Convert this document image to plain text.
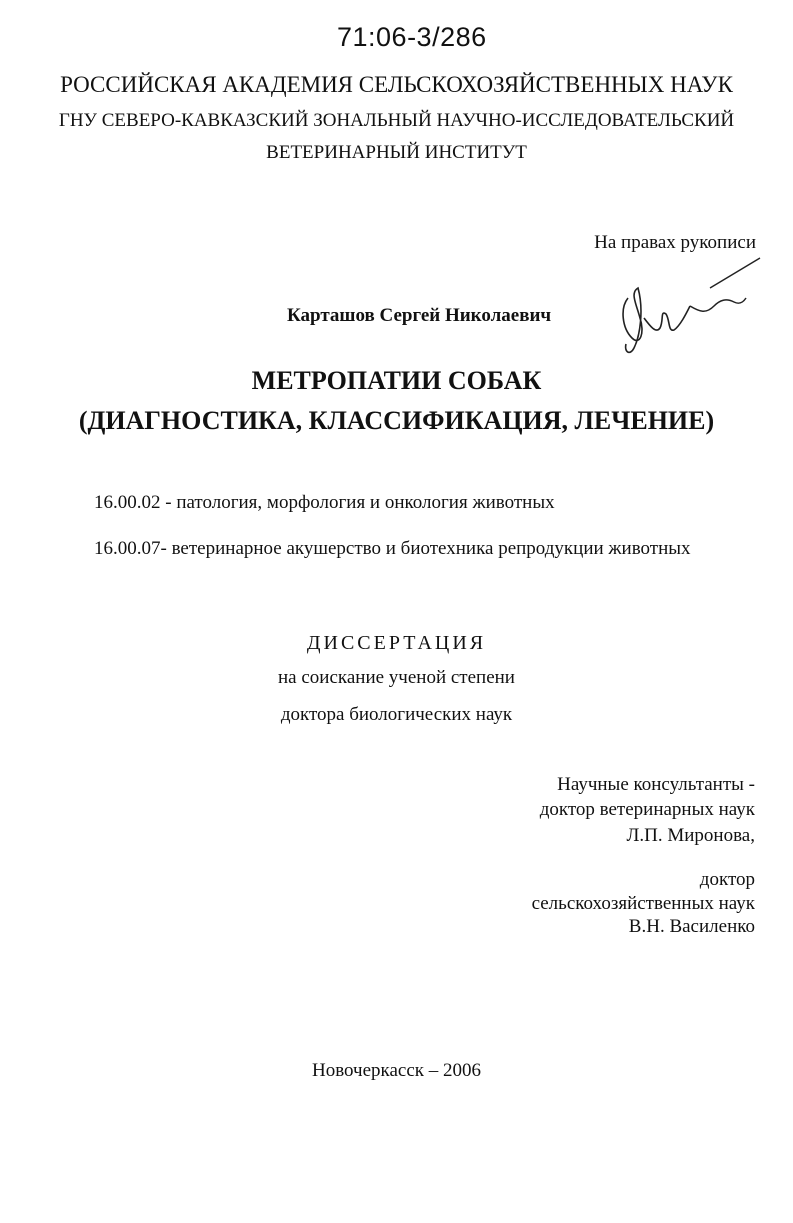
71:06-3/286
РОССИЙСКАЯ АКАДЕМИЯ СЕЛЬСКОХОЗЯЙСТВЕННЫХ НАУК
ГНУ СЕВЕРО-КАВКАЗСКИЙ ЗОНАЛЬНЫЙ НАУЧНО-ИССЛЕДОВАТЕЛЬСКИЙ
ВЕТЕРИНАРНЫЙ ИНСТИТУТ
На правах рукописи
Карташов Сергей Николаевич
МЕТРОПАТИИ СОБАК
(ДИАГНОСТИКА, КЛАССИФИКАЦИЯ, ЛЕЧЕНИЕ)
16.00.02 - патология, морфология и онкология животных
16.00.07- ветеринарное акушерство и биотехника репродукции животных
ДИССЕРТАЦИЯ
на соискание ученой степени
доктора биологических наук
Научные консультанты -
доктор ветеринарных наук
Л.П. Миронова,
доктор
сельскохозяйственных наук
В.Н. Василенко
Новочеркасск – 2006
